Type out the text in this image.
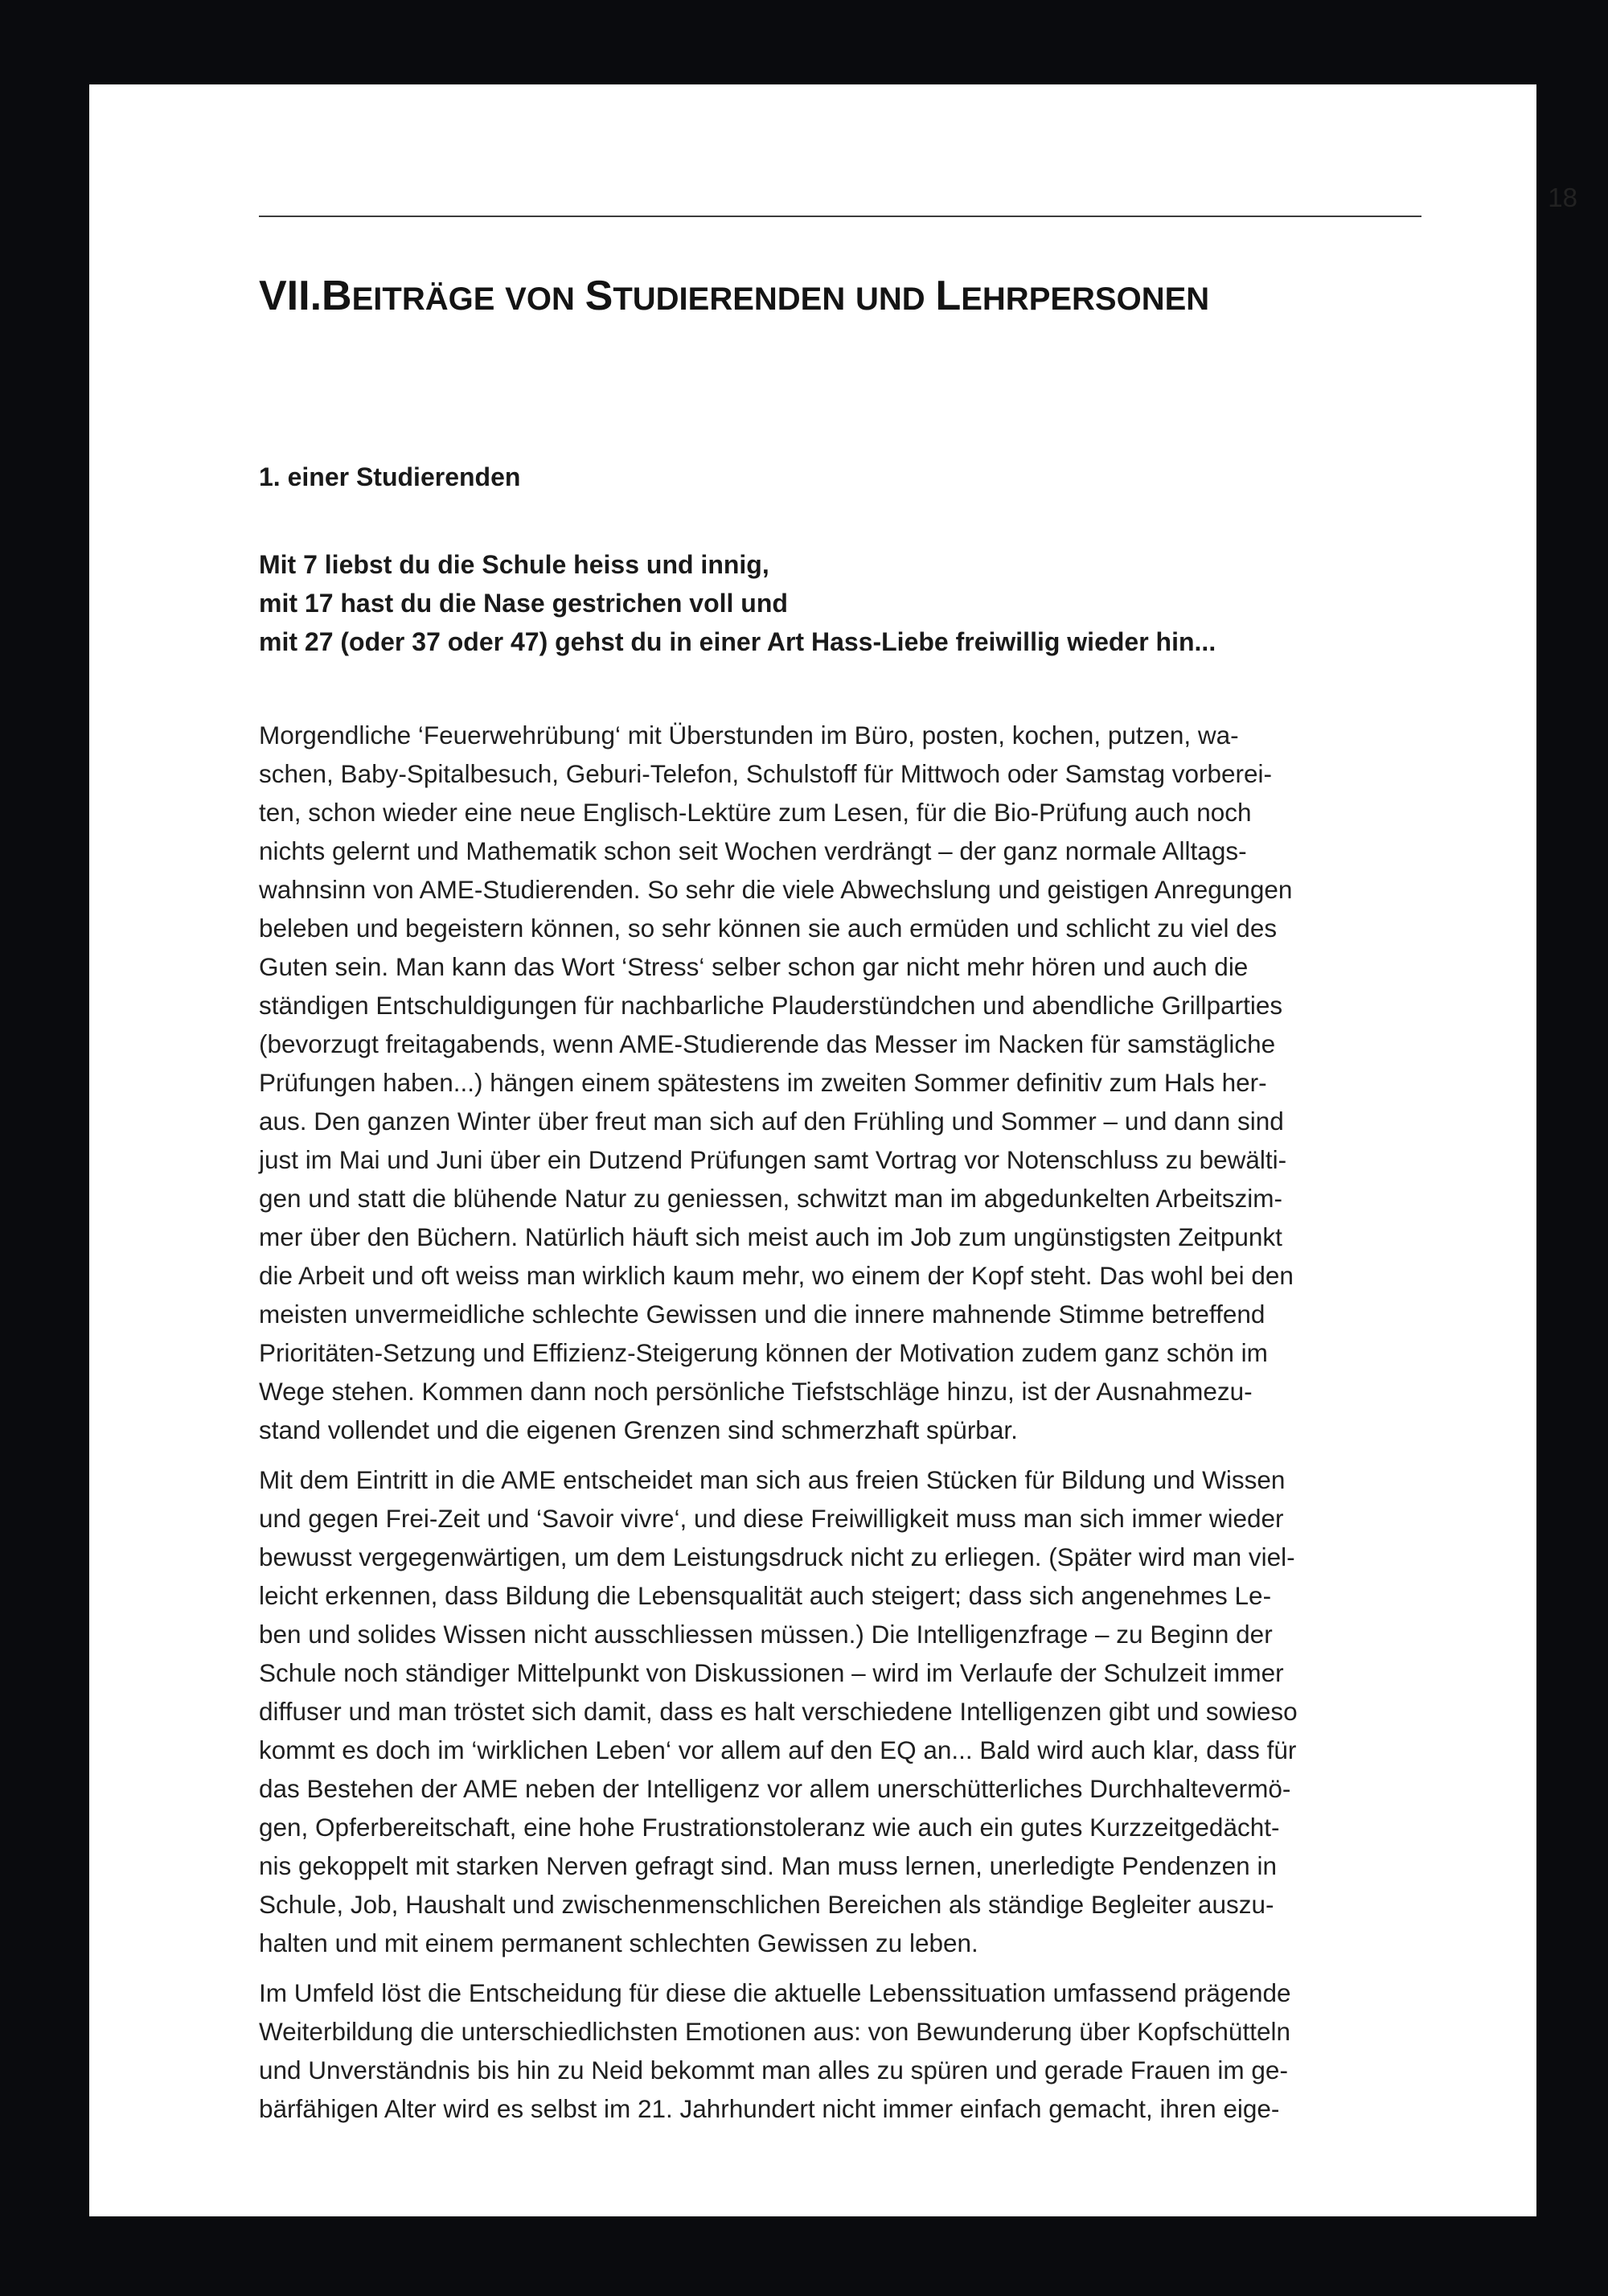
18
VII.BEITRÄGE VON STUDIERENDEN UND LEHRPERSONEN
1. einer Studierenden
Mit 7 liebst du die Schule heiss und innig,
mit 17 hast du die Nase gestrichen voll und
mit 27 (oder 37 oder 47) gehst du in einer Art Hass-Liebe freiwillig wieder hin...
Morgendliche ‘Feuerwehrübung‘ mit Überstunden im Büro, posten, kochen, putzen, wa-
schen, Baby-Spitalbesuch, Geburi-Telefon, Schulstoff für Mittwoch oder Samstag vorberei-
ten, schon wieder eine neue Englisch-Lektüre zum Lesen, für die Bio-Prüfung auch noch
nichts gelernt und Mathematik schon seit Wochen verdrängt – der ganz normale Alltags-
wahnsinn von AME-Studierenden. So sehr die viele Abwechslung und geistigen Anregungen
beleben und begeistern können, so sehr können sie auch ermüden und schlicht zu viel des
Guten sein. Man kann das Wort ‘Stress‘ selber schon gar nicht mehr hören und auch die
ständigen Entschuldigungen für nachbarliche Plauderstündchen und abendliche Grillparties
(bevorzugt freitagabends, wenn AME-Studierende das Messer im Nacken für samstägliche
Prüfungen haben...) hängen einem spätestens im zweiten Sommer definitiv zum Hals her-
aus. Den ganzen Winter über freut man sich auf den Frühling und Sommer – und dann sind
just im Mai und Juni über ein Dutzend Prüfungen samt Vortrag vor Notenschluss zu bewälti-
gen und statt die blühende Natur zu geniessen, schwitzt man im abgedunkelten Arbeitszim-
mer über den Büchern. Natürlich häuft sich meist auch im Job zum ungünstigsten Zeitpunkt
die Arbeit und oft weiss man wirklich kaum mehr, wo einem der Kopf steht. Das wohl bei den
meisten unvermeidliche schlechte Gewissen und die innere mahnende Stimme betreffend
Prioritäten-Setzung und Effizienz-Steigerung können der Motivation zudem ganz schön im
Wege stehen. Kommen dann noch persönliche Tiefstschläge hinzu, ist der Ausnahmezu-
stand vollendet und die eigenen Grenzen sind schmerzhaft spürbar.
Mit dem Eintritt in die AME entscheidet man sich aus freien Stücken für Bildung und Wissen
und gegen Frei-Zeit und ‘Savoir vivre‘, und diese Freiwilligkeit muss man sich immer wieder
bewusst vergegenwärtigen, um dem Leistungsdruck nicht zu erliegen. (Später wird man viel-
leicht erkennen, dass Bildung die Lebensqualität auch steigert; dass sich angenehmes Le-
ben und solides Wissen nicht ausschliessen müssen.) Die Intelligenzfrage – zu Beginn der
Schule noch ständiger Mittelpunkt von Diskussionen – wird im Verlaufe der Schulzeit immer
diffuser und man tröstet sich damit, dass es halt verschiedene Intelligenzen gibt und sowieso
kommt es doch im ‘wirklichen Leben‘ vor allem auf den EQ an... Bald wird auch klar, dass für
das Bestehen der AME neben der Intelligenz vor allem unerschütterliches Durchhaltevermö-
gen, Opferbereitschaft, eine hohe Frustrationstoleranz wie auch ein gutes Kurzzeitgedächt-
nis gekoppelt mit starken Nerven gefragt sind. Man muss lernen, unerledigte Pendenzen in
Schule, Job, Haushalt und zwischenmenschlichen Bereichen als ständige Begleiter auszu-
halten und mit einem permanent schlechten Gewissen zu leben.
Im Umfeld löst die Entscheidung für diese die aktuelle Lebenssituation umfassend prägende
Weiterbildung die unterschiedlichsten Emotionen aus: von Bewunderung über Kopfschütteln
und Unverständnis bis hin zu Neid bekommt man alles zu spüren und gerade Frauen im ge-
bärfähigen Alter wird es selbst im 21. Jahrhundert nicht immer einfach gemacht, ihren eige-
